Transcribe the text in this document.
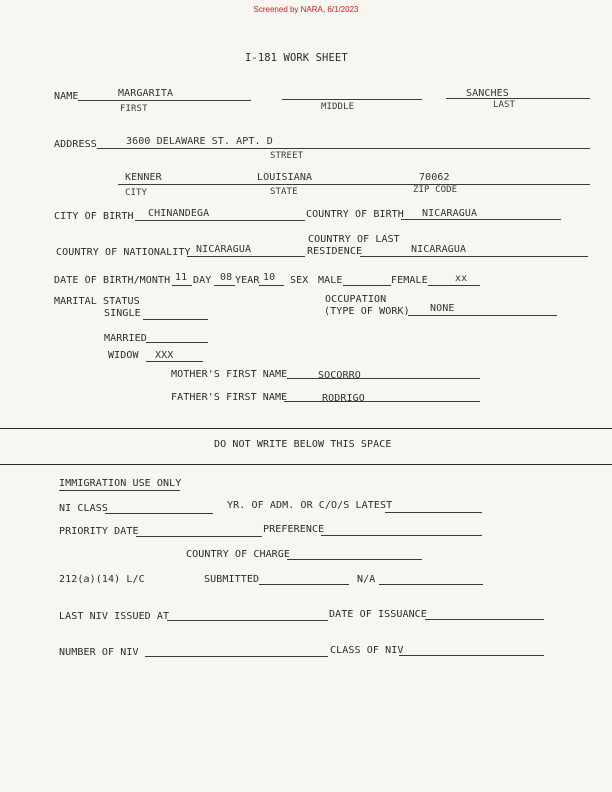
Screened by NARA, 6/1/2023
I-181 WORK SHEET
NAME	MARGARITA	SANCHES
FIRST	MIDDLE	LAST
ADDRESS	3600 DELAWARE ST. APT. D
STREET
KENNER	LOUISIANA	70062
CITY	STATE	ZIP CODE
CITY OF BIRTH CHINANDEGA	COUNTRY OF BIRTH NICARAGUA
COUNTRY OF NATIONALITY NICARAGUA
COUNTRY OF LAST
RESIDENCE	NICARAGUA
DATE OF BIRTH/MONTH 11 DAY 08 YEAR 10 SEX MALE	FEMALE	xx
MARITAL STATUS
SINGLE
OCCUPATION
(TYPE OF WORK) NONE
MARRIED
WIDOW XXX
MOTHER'S FIRST NAME	SOCORRO
FATHER'S FIRST NAME	RODRIGO
DO NOT WRITE BELOW THIS SPACE
IMMIGRATION USE ONLY
NI CLASS	YR. OF ADM. OR C/O/S LATEST
PRIORITY DATE	PREFERENCE
COUNTRY OF CHARGE
212(a)(14) L/C	SUBMITTED	N/A
LAST NIV ISSUED AT	DATE OF ISSUANCE
NUMBER OF NIV	CLASS OF NIV
